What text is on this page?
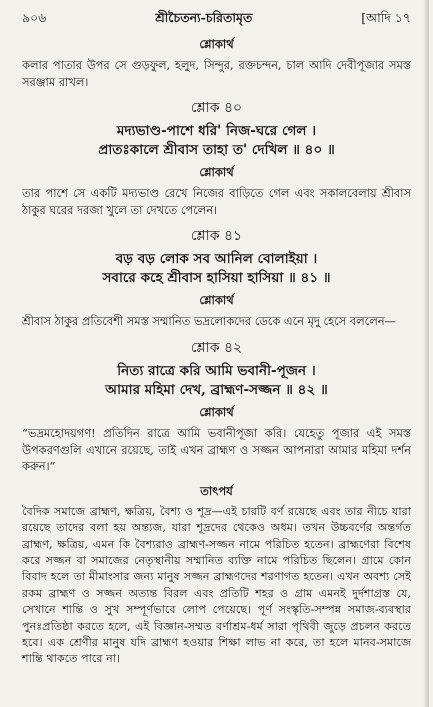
৯০৬	শ্রীচৈতন্য-চরিতামৃত	[আদি ১৭
শ্লোকার্থ

কলার পাতার উপর সে গুড়ফুল, হলুদ, সিন্দুর, রক্তচন্দন, চাল আদি দেবীপূজার সমস্ত সরঞ্জাম রাখল।

শ্লোক ৪০
মদ্যভাণ্ড-পাশে ধরি' নিজ-ঘরে গেল ।
প্রাতঃকালে শ্রীবাস তাহা ত' দেখিল ॥ ৪০ ॥
শ্লোকার্থ

তার পাশে সে একটি মদ্যভাণ্ড রেখে নিজের বাড়িতে গেল এবং সকালবেলায় শ্রীবাস ঠাকুর ঘরের দরজা খুলে তা দেখতে পেলেন।

শ্লোক ৪১
বড় বড় লোক সব আনিল বোলাইয়া ।
সবারে কহে শ্রীবাস হাসিয়া হাসিয়া ॥ ৪১ ॥
শ্লোকার্থ

শ্রীবাস ঠাকুর প্রতিবেশী সমস্ত সম্মানিত ভদ্রলোকদের ডেকে এনে মৃদু হেসে বললেন—

শ্লোক ৪২
নিত্য রাত্রে করি আমি ভবানী-পূজন ।
আমার মহিমা দেখ, ব্রাহ্মণ-সজ্জন ॥ ৪২ ॥
শ্লোকার্থ

“ভদ্রমহোদয়গণ! প্রতিদিন রাত্রে আমি ভবানীপূজা করি। যেহেতু পূজার এই সমস্ত উপকরণগুলি এখানে রয়েছে, তাই এখন ব্রাহ্মণ ও সজ্জন আপনারা আমার মহিমা দর্শন করুন।”

তাৎপর্য

বৈদিক সমাজে ব্রাহ্মণ, ক্ষত্রিয়, বৈশ্য ও শূদ্র—এই চারটি বর্ণ রয়েছে এবং তার নীচে যারা রয়েছে তাদের বলা হয় অন্ত্যজ, যারা শূদ্রদের থেকেও অধম। তখন উচ্চবর্ণের অন্তর্গত ব্রাহ্মণ, ক্ষত্রিয়, এমন কি বৈশ্যরাও ব্রাহ্মণ-সজ্জন নামে পরিচিত হতেন। ব্রাহ্মণেরা বিশেষ করে সজ্জন বা সমাজের নেতৃস্থানীয় সম্মানিত ব্যক্তি নামে পরিচিত ছিলেন। গ্রামে কোন বিবাদ হলে তা মীমাংসার জন্য মানুষ সজ্জন ব্রাহ্মণদের শরণাগত হতেন। এখন অবশ্য সেই রকম ব্রাহ্মণ ও সজ্জন অত্যন্ত বিরল এবং প্রতিটি শহর ও গ্রাম এমনই দুর্দশাগ্রস্ত যে, সেখানে শান্তি ও সুখ সম্পূর্ণভাবে লোপ পেয়েছে। পূর্ণ সংস্কৃতি-সম্পন্ন সমাজ-ব্যবস্থার পুনঃপ্রতিষ্ঠা করতে হলে, এই বিজ্ঞান-সম্মত বর্ণাশ্রম-ধর্ম সারা পৃথিবী জুড়ে প্রচলন করতে হবে। এক শ্রেণীর মানুষ যদি ব্রাহ্মণ হওয়ার শিক্ষা লাভ না করে, তা হলে মানব-সমাজে শান্তি থাকতে পারে না।
